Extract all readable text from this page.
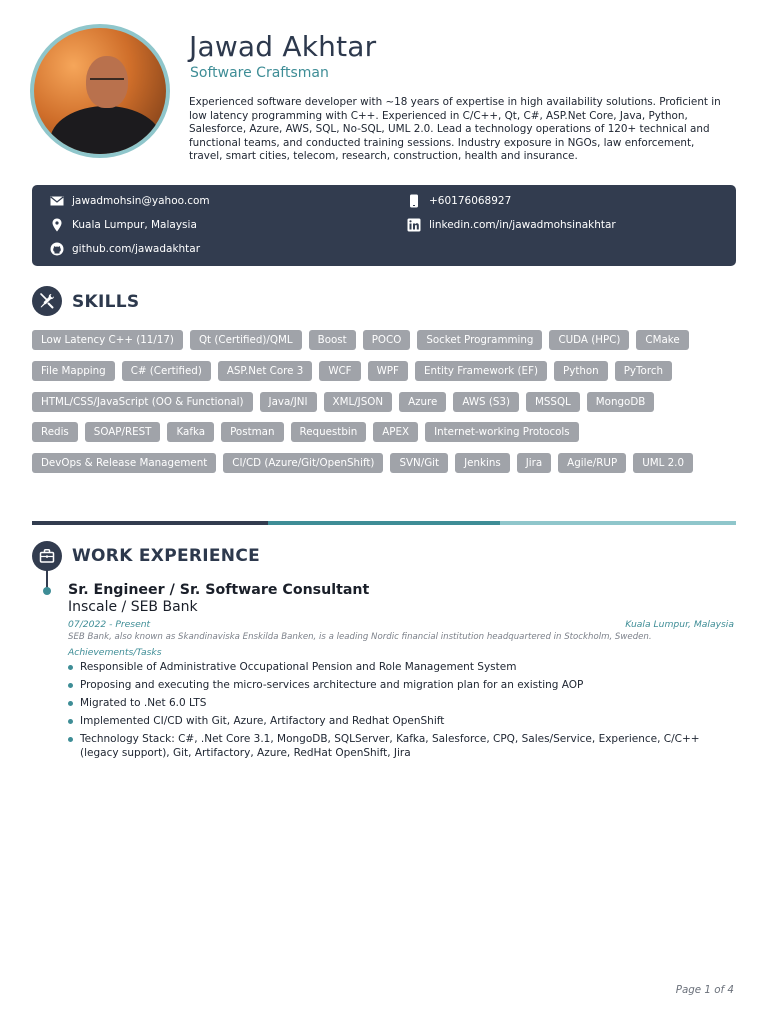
Jawad Akhtar
Software Craftsman

Experienced software developer with ~18 years of expertise in high availability solutions. Proficient in low latency programming with C++. Experienced in C/C++, Qt, C#, ASP.Net Core, Java, Python, Salesforce, Azure, AWS, SQL, No-SQL, UML 2.0. Lead a technology operations of 120+ technical and functional teams, and conducted training sessions. Industry exposure in NGOs, law enforcement, travel, smart cities, telecom, research, construction, health and insurance.

jawadmohsin@yahoo.com	+60176068927
Kuala Lumpur, Malaysia	linkedin.com/in/jawadmohsinakhtar
github.com/jawadakhtar
SKILLS
Low Latency C++ (11/17)	Qt (Certified)/QML	Boost	POCO	Socket Programming	CUDA (HPC)	CMake
File Mapping	C# (Certified)	ASP.Net Core 3	WCF	WPF	Entity Framework (EF)	Python	PyTorch
HTML/CSS/JavaScript (OO & Functional)	Java/JNI	XML/JSON	Azure	AWS (S3)	MSSQL	MongoDB
Redis	SOAP/REST	Kafka	Postman	Requestbin	APEX	Internet-working Protocols
DevOps & Release Management	CI/CD (Azure/Git/OpenShift)	SVN/Git	Jenkins	Jira	Agile/RUP	UML 2.0
WORK EXPERIENCE
Sr. Engineer / Sr. Software Consultant
Inscale / SEB Bank
07/2022 - Present	Kuala Lumpur, Malaysia
SEB Bank, also known as Skandinaviska Enskilda Banken, is a leading Nordic financial institution headquartered in Stockholm, Sweden.
Achievements/Tasks
Responsible of Administrative Occupational Pension and Role Management System
Proposing and executing the micro-services architecture and migration plan for an existing AOP
Migrated to .Net 6.0 LTS
Implemented CI/CD with Git, Azure, Artifactory and Redhat OpenShift
Technology Stack: C#, .Net Core 3.1, MongoDB, SQLServer, Kafka, Salesforce, CPQ, Sales/Service, Experience, C/C++ (legacy support), Git, Artifactory, Azure, RedHat OpenShift, Jira
Page 1 of 4
